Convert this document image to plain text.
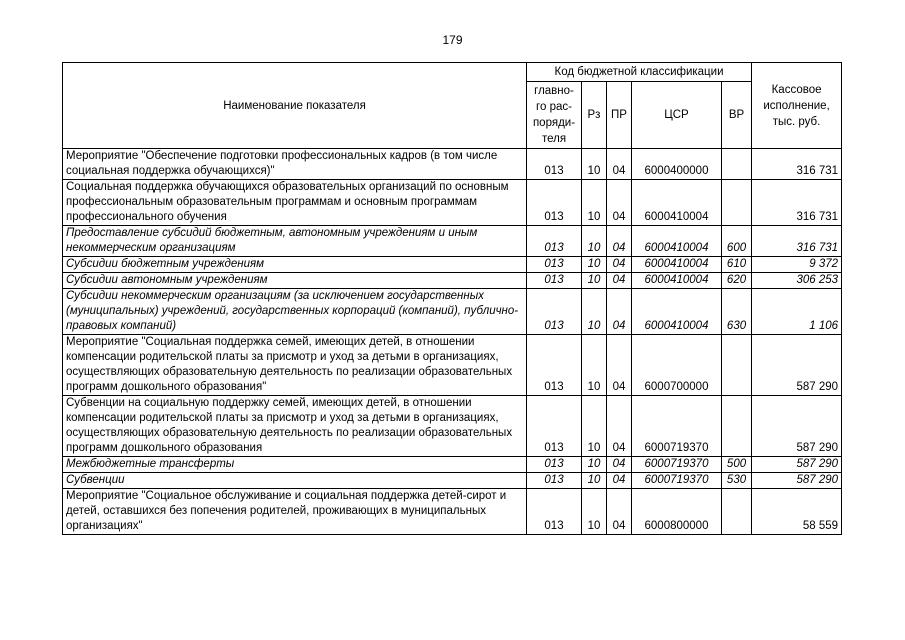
179
Наименование показателя	Код бюджетной классификации					Кассовое исполнение, тыс. руб.
	главно-го рас-поряди-теля	Рз	ПР	ЦСР	ВР	
Мероприятие "Обеспечение подготовки профессиональных кадров (в том числе социальная поддержка обучающихся)"	013	10	04	6000400000		316 731
Социальная поддержка обучающихся образовательных организаций по основным профессиональным образовательным программам и основным программам профессионального обучения	013	10	04	6000410004		316 731
Предоставление субсидий бюджетным, автономным учреждениям и иным некоммерческим организациям	013	10	04	6000410004	600	316 731
Субсидии бюджетным учреждениям	013	10	04	6000410004	610	9 372
Субсидии автономным учреждениям	013	10	04	6000410004	620	306 253
Субсидии некоммерческим организациям (за исключением государственных (муниципальных) учреждений, государственных корпораций (компаний), публично-правовых компаний)	013	10	04	6000410004	630	1 106
Мероприятие "Социальная поддержка семей, имеющих детей, в отношении компенсации родительской платы за присмотр и уход за детьми в организациях, осуществляющих образовательную деятельность по реализации образовательных программ дошкольного образования"	013	10	04	6000700000		587 290
Субвенции на социальную поддержку семей, имеющих детей, в отношении компенсации родительской платы за присмотр и уход за детьми в организациях, осуществляющих образовательную деятельность по реализации образовательных программ дошкольного образования	013	10	04	6000719370		587 290
Межбюджетные трансферты	013	10	04	6000719370	500	587 290
Субвенции	013	10	04	6000719370	530	587 290
Мероприятие "Социальное обслуживание и социальная поддержка детей-сирот и детей, оставшихся без попечения родителей, проживающих в муниципальных организациях"	013	10	04	6000800000		58 559
